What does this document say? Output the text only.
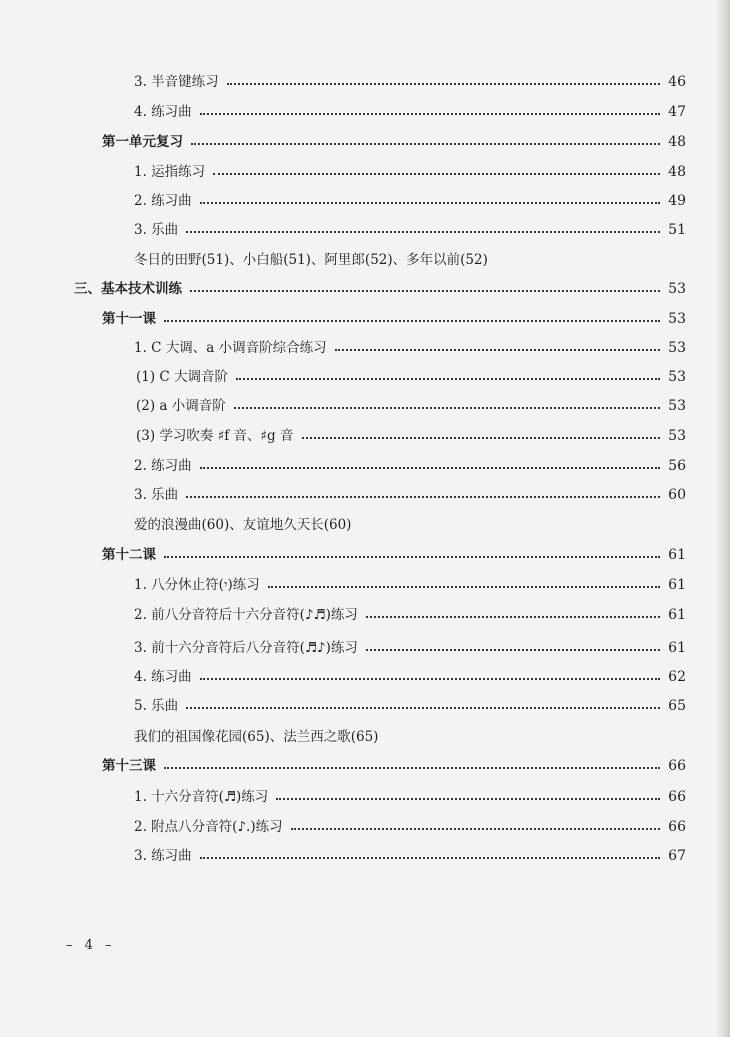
3. 半音键练习	46
4. 练习曲	47
第一单元复习	48
1. 运指练习	48
2. 练习曲	49
3. 乐曲	51
冬日的田野(51)、小白船(51)、阿里郎(52)、多年以前(52)
三、基本技术训练	53
第十一课	53
1. C 大调、a 小调音阶综合练习	53
(1) C 大调音阶	53
(2) a 小调音阶	53
(3) 学习吹奏 ♯f 音、♯g 音	53
2. 练习曲	56
3. 乐曲	60
爱的浪漫曲(60)、友谊地久天长(60)
第十二课	61
1. 八分休止符(𝄾)练习	61
2. 前八分音符后十六分音符(♪♬)练习	61
3. 前十六分音符后八分音符(♬♪)练习	61
4. 练习曲	62
5. 乐曲	65
我们的祖国像花园(65)、法兰西之歌(65)
第十三课	66
1. 十六分音符(♬)练习	66
2. 附点八分音符(♪.)练习	66
3. 练习曲	67
– 4 –
